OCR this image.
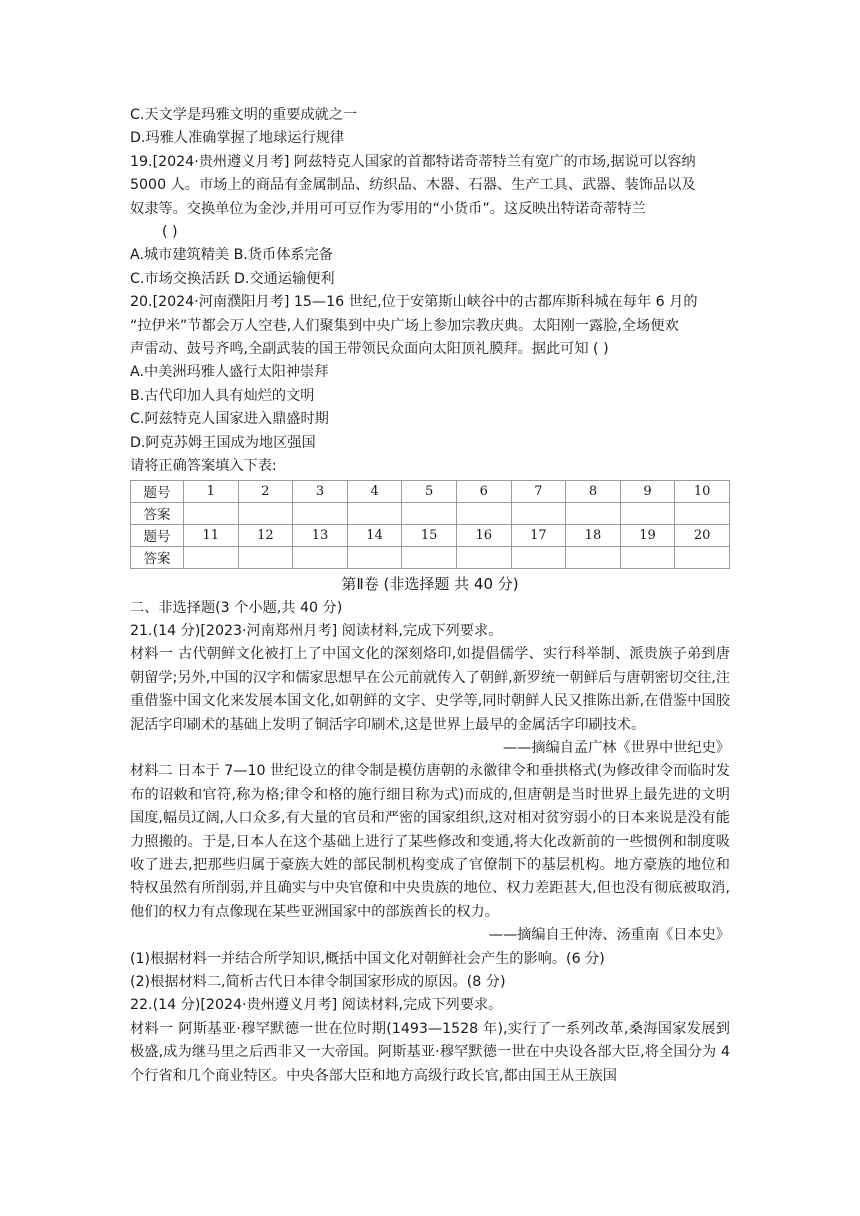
C.天文学是玛雅文明的重要成就之一
D.玛雅人准确掌握了地球运行规律
19.[2024·贵州遵义月考] 阿兹特克人国家的首都特诺奇蒂特兰有宽广的市场,据说可以容纳
5000 人。市场上的商品有金属制品、纺织品、木器、石器、生产工具、武器、装饰品以及
奴隶等。交换单位为金沙,并用可可豆作为零用的“小货币”。这反映出特诺奇蒂特兰
( )
A.城市建筑精美 B.货币体系完备
C.市场交换活跃 D.交通运输便利
20.[2024·河南濮阳月考] 15—16 世纪,位于安第斯山峡谷中的古都库斯科城在每年 6 月的
“拉伊米”节都会万人空巷,人们聚集到中央广场上参加宗教庆典。太阳刚一露脸,全场便欢
声雷动、鼓号齐鸣,全副武装的国王带领民众面向太阳顶礼膜拜。据此可知 ( )
A.中美洲玛雅人盛行太阳神崇拜
B.古代印加人具有灿烂的文明
C.阿兹特克人国家进入鼎盛时期
D.阿克苏姆王国成为地区强国
请将正确答案填入下表:
题号	1	2	3	4	5	6	7	8	9	10
答案										
题号	11	12	13	14	15	16	17	18	19	20
答案										
第Ⅱ卷 (非选择题 共 40 分)
二、非选择题(3 个小题,共 40 分)
21.(14 分)[2023·河南郑州月考] 阅读材料,完成下列要求。
材料一 古代朝鲜文化被打上了中国文化的深刻烙印,如提倡儒学、实行科举制、派贵族子弟到唐朝留学;另外,中国的汉字和儒家思想早在公元前就传入了朝鲜,新罗统一朝鲜后与唐朝密切交往,注重借鉴中国文化来发展本国文化,如朝鲜的文字、史学等,同时朝鲜人民又推陈出新,在借鉴中国胶泥活字印刷术的基础上发明了铜活字印刷术,这是世界上最早的金属活字印刷技术。
——摘编自孟广林《世界中世纪史》
材料二 日本于 7—10 世纪设立的律令制是模仿唐朝的永徽律令和垂拱格式(为修改律令而临时发布的诏敕和官符,称为格;律令和格的施行细目称为式)而成的,但唐朝是当时世界上最先进的文明国度,幅员辽阔,人口众多,有大量的官员和严密的国家组织,这对相对贫穷弱小的日本来说是没有能力照搬的。于是,日本人在这个基础上进行了某些修改和变通,将大化改新前的一些惯例和制度吸收了进去,把那些归属于豪族大姓的部民制机构变成了官僚制下的基层机构。地方豪族的地位和特权虽然有所削弱,并且确实与中央官僚和中央贵族的地位、权力差距甚大,但也没有彻底被取消,他们的权力有点像现在某些亚洲国家中的部族酋长的权力。
——摘编自王仲涛、汤重南《日本史》
(1)根据材料一并结合所学知识,概括中国文化对朝鲜社会产生的影响。(6 分)
(2)根据材料二,简析古代日本律令制国家形成的原因。(8 分)
22.(14 分)[2024·贵州遵义月考] 阅读材料,完成下列要求。
材料一 阿斯基亚·穆罕默德一世在位时期(1493—1528 年),实行了一系列改革,桑海国家发展到极盛,成为继马里之后西非又一大帝国。阿斯基亚·穆罕默德一世在中央设各部大臣,将全国分为 4 个行省和几个商业特区。中央各部大臣和地方高级行政长官,都由国王从王族国
